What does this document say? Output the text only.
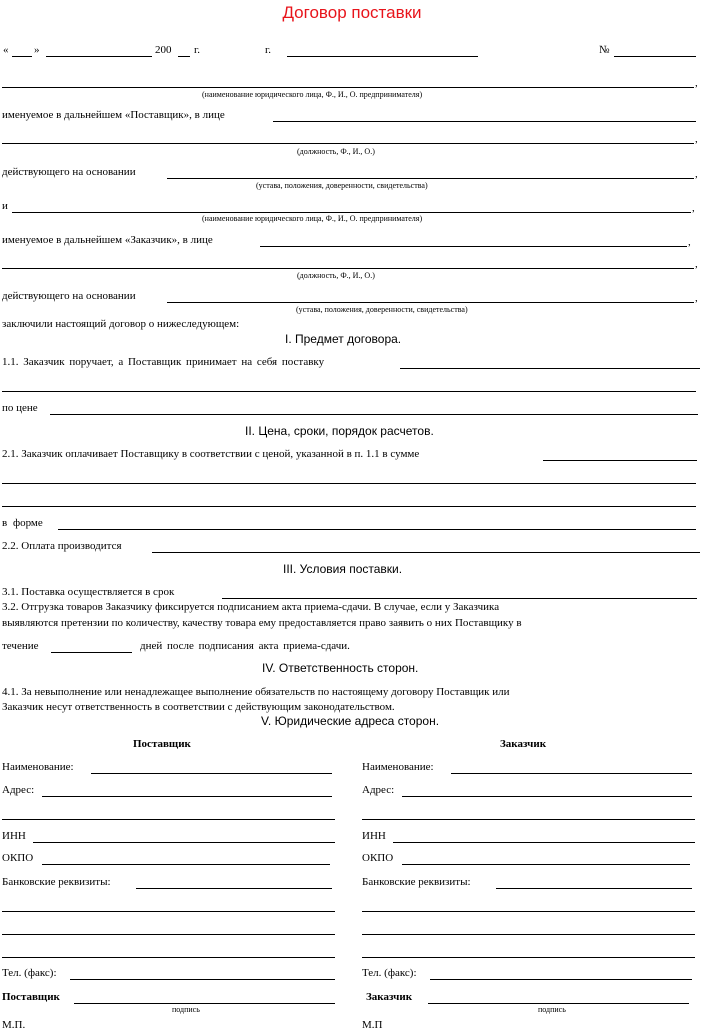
Договор поставки
« »	200 г.	г.	№
,
(наименование юридического лица, Ф., И., О. предпринимателя)
именуемое в дальнейшем «Поставщик», в лице
,
(должность, Ф., И., О.)
действующего на основании	,
(устава, положения, доверенности, свидетельства)
и	,
(наименование юридического лица, Ф., И., О. предпринимателя)
именуемое в дальнейшем «Заказчик», в лице	,
,
(должность, Ф., И., О.)
действующего на основании	,
(устава, положения, доверенности, свидетельства)
заключили настоящий договор о нижеследующем:
I. Предмет договора.
1.1. Заказчик поручает, а Поставщик принимает на себя поставку
по цене
II. Цена, сроки, порядок расчетов.
2.1. Заказчик оплачивает Поставщику в соответствии с ценой, указанной в п. 1.1 в сумме
в форме
2.2. Оплата производится
III. Условия поставки.
3.1. Поставка осуществляется в срок
3.2. Отгрузка товаров Заказчику фиксируется подписанием акта приема-сдачи. В случае, если у Заказчика
выявляются претензии по количеству, качеству товара ему предоставляется право заявить о них Поставщику в
течение	дней после подписания акта приема-сдачи.
IV. Ответственность сторон.
4.1. За невыполнение или ненадлежащее выполнение обязательств по настоящему договору Поставщик или
Заказчик несут ответственность в соответствии с действующим законодательством.
V. Юридические адреса сторон.
Поставщик
Наименование:
Адрес:
ИНН
ОКПО
Банковские реквизиты:
Тел. (факс):
Поставщик
подпись
М.П.
Заказчик
Наименование:
Адрес:
ИНН
ОКПО
Банковские реквизиты:
Тел. (факс):
Заказчик
подпись
М.П
